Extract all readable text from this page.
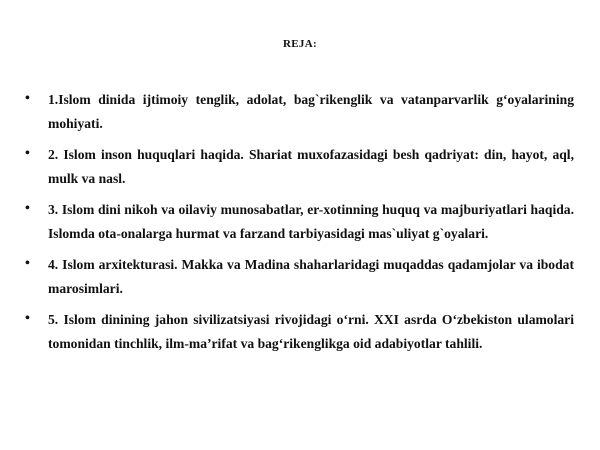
REJA:
• 1.Islom dinida ijtimoiy tenglik, adolat, bag`rikenglik va vatanparvarlik g‘oyalarining mohiyati.
• 2. Islom inson huquqlari haqida. Shariat muxofazasidagi besh qadriyat: din, hayot, aql, mulk va nasl.
• 3. Islom dini nikoh va oilaviy munosabatlar, er-xotinning huquq va majburiyatlari haqida. Islomda ota-onalarga hurmat va farzand tarbiyasidagi mas`uliyat g`oyalari.
• 4. Islom arxitekturasi. Makka va Madina shaharlaridagi muqaddas qadamjolar va ibodat marosimlari.
• 5. Islom dinining jahon sivilizatsiyasi rivojidagi o‘rni. XXI asrda O‘zbekiston ulamolari tomonidan tinchlik, ilm-ma’rifat va bag‘rikenglikga oid adabiyotlar tahlili.
